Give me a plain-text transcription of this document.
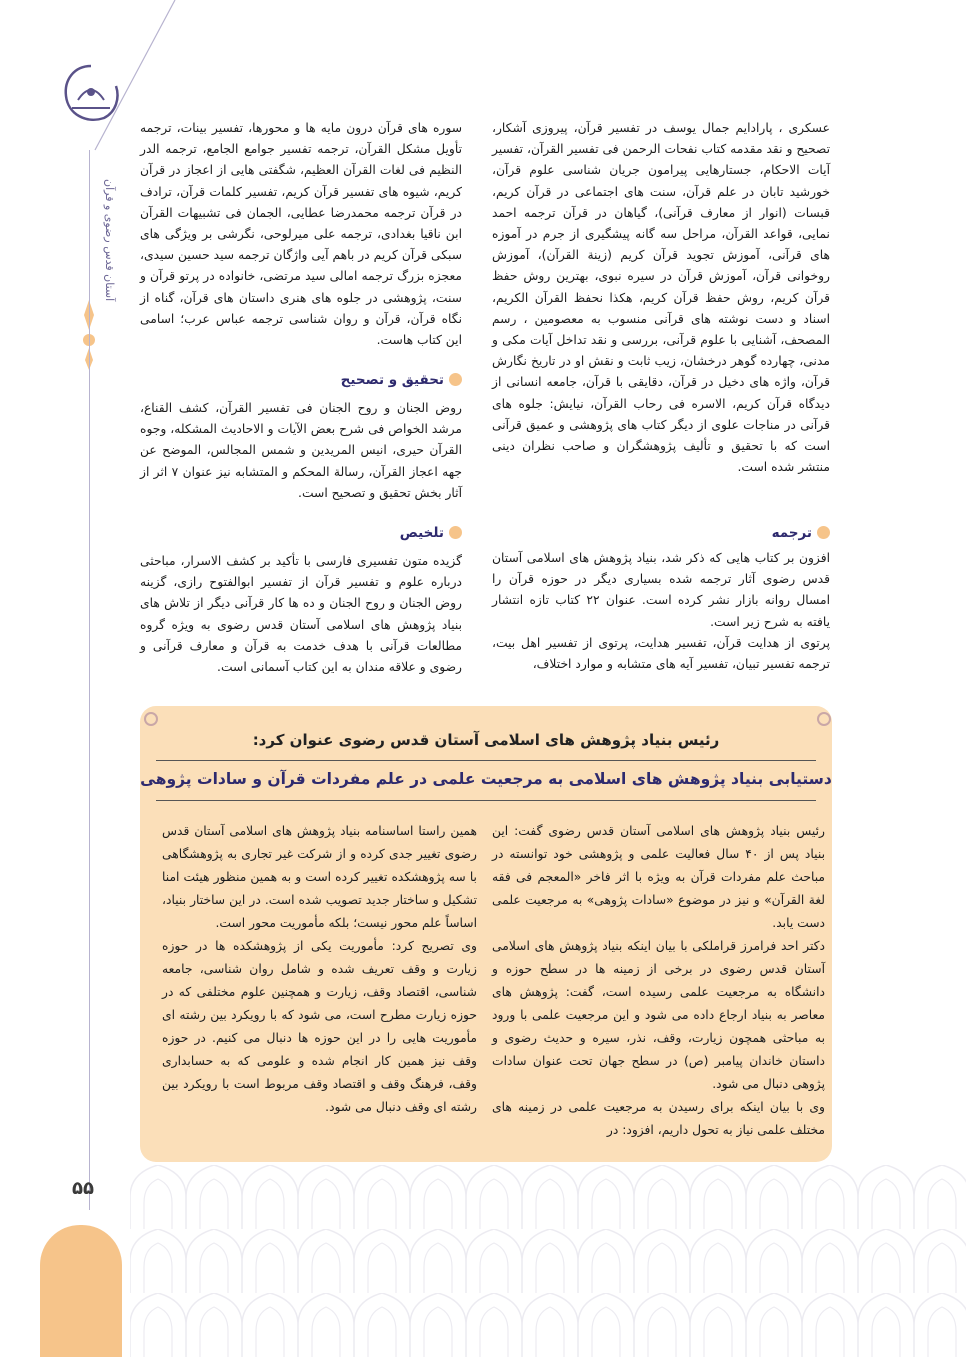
آستان قدس رضوی و قرآن
۵۵

عسکری ، پارادایم جمال یوسف در تفسیر قرآن، پیروزی آشکار، تصحیح و نقد مقدمه کتاب نفحات الرحمن فی تفسیر القرآن، تفسیر آیات الاحکام، جستارهایی پیرامون جریان شناسی علوم قرآن، خورشید تابان در علم قرآن، سنت های اجتماعی در قرآن کریم، قبسات (انوار از معارف قرآنی)، گیاهان در قرآن ترجمه احمد نمایی، قواعد القرآن، مراحل سه گانه پیشگیری از جرم در آموزه های قرآنی، آموزش تجوید قرآن کریم (زینة القرآن)، آموزش روخوانی قرآن، آموزش قرآن در سیره نبوی، بهترین روش حفظ قرآن کریم، روش حفظ قرآن کریم، هکذا نحفظ القرآن الکریم، اسناد و دست نوشته های قرآنی منسوب به معصومین ، رسم المصحف، آشنایی با علوم قرآنی، بررسی و نقد تداخل آیات مکی و مدنی، چهارده گوهر درخشان، زیب ثابت و نقش او در تاریخ نگارش قرآن، واژه های دخیل در قرآن، دقایقی با قرآن، جامعه انسانی از دیدگاه قرآن کریم، الاسره فی رحاب القرآن، نیایش: جلوه های قرآنی در مناجات علوی از دیگر کتاب های پژوهشی و عمیق قرآنی است که با تحقیق و تألیف پژوهشگران و صاحب نظران دینی منتشر شده است.

سوره های قرآن درون مایه ها و محورها، تفسیر بینات، ترجمه تأویل مشکل القرآن، ترجمه تفسیر جوامع الجامع، ترجمه الدر النظیم فی لغات القرآن العظیم، شگفتی هایی از اعجاز در قرآن کریم، شیوه های تفسیر قرآن کریم، تفسیر کلمات قرآن، ترادف در قرآن ترجمه محمدرضا عطایی، الجمان فی تشبیهات القرآن ابن ناقیا بغدادی، ترجمه علی میرلوحی، نگرشی بر ویژگی های سبکی قرآن کریم در باهم آیی واژگان ترجمه سید حسین سیدی، معجزه بزرگ ترجمه امالی سید مرتضی، خانواده در پرتو قرآن و سنت، پژوهشی در جلوه های هنری داستان های قرآن، گناه از نگاه قرآن، قرآن و روان شناسی ترجمه عباس عرب؛ اسامی این کتاب هاست.

تحقیق و تصحیح

روض الجنان و روح الجنان فی تفسیر القرآن، کشف القناع، مرشد الخواص فی شرح بعض الآیات و الاحادیث المشکله، وجوه القرآن حیری، انیس المریدین و شمس المجالس، الموضح عن جهه اعجاز القرآن، رسالة المحکم و المتشابه نیز عنوان ۷ اثر از آثار بخش تحقیق و تصحیح است.

ترجمه

افزون بر کتاب هایی که ذکر شد، بنیاد پژوهش های اسلامی آستان قدس رضوی آثار ترجمه شده بسیاری دیگر در حوزه قرآن را امسال روانه بازار نشر کرده است. عنوان ۲۲ کتاب تازه انتشار یافته به شرح زیر است.

پرتوی از هدایت قرآن، تفسیر هدایت، پرتوی از تفسیر اهل بیت، ترجمه تفسیر تبیان، تفسیر آیه های متشابه و موارد اختلاف،

تلخیص

گزیده متون تفسیری فارسی با تأکید بر کشف الاسرار، مباحثی درباره علوم و تفسیر قرآن از تفسیر ابوالفتوح رازی، گزینه روض الجنان و روح الجنان و ده ها کار قرآنی دیگر از تلاش های بنیاد پژوهش های اسلامی آستان قدس رضوی به ویژه گروه مطالعات قرآنی با هدف خدمت به قرآن و معارف قرآنی و رضوی و علاقه مندان به این کتاب آسمانی است.

رئیس بنیاد پژوهش های اسلامی آستان قدس رضوی عنوان کرد:
دستیابی بنیاد پژوهش های اسلامی به مرجعیت علمی در علم مفردات قرآن و سادات پژوهی

رئیس بنیاد پژوهش های اسلامی آستان قدس رضوی گفت: این بنیاد پس از ۴۰ سال فعالیت علمی و پژوهشی خود توانسته در مباحث علم مفردات قرآن به ویژه با اثر فاخر «المعجم فی فقه لغة القرآن» و نیز در موضوع «سادات پژوهی» به مرجعیت علمی دست یابد.

دکتر احد فرامرز قراملکی با بیان اینکه بنیاد پژوهش های اسلامی آستان قدس رضوی در برخی از زمینه ها در سطح حوزه و دانشگاه به مرجعیت علمی رسیده است، گفت: پژوهش های معاصر به بنیاد ارجاع داده می شود و این مرجعیت علمی با ورود به مباحثی همچون زیارت، وقف، نذر، سیره و حدیث رضوی و داستان خاندان پیامبر (ص) در سطح جهان تحت عنوان سادات پژوهی دنبال می شود.

وی با بیان اینکه برای رسیدن به مرجعیت علمی در زمینه های مختلف علمی نیاز به تحول داریم، افزود: در

همین راستا اساسنامه بنیاد پژوهش های اسلامی آستان قدس رضوی تغییر جدی کرده و از شرکت غیر تجاری به پژوهشگاهی با سه پژوهشکده تغییر کرده است و به همین منظور هیئت امنا تشکیل و ساختار جدید تصویب شده است. در این ساختار بنیاد، اساساً علم محور نیست؛ بلکه مأموریت محور است.

وی تصریح کرد: مأموریت یکی از پژوهشکده ها در حوزه زیارت و وقف تعریف شده و شامل روان شناسی، جامعه شناسی، اقتصاد وقف، زیارت و همچنین علوم مختلفی که در حوزه زیارت مطرح است، می شود که با رویکرد بین رشته ای مأموریت هایی را در این حوزه ها دنبال می کنیم. در حوزه وقف نیز همین کار انجام شده و علومی که به حسابداری وقف، فرهنگ وقف و اقتصاد وقف مربوط است با رویکرد بین رشته ای وقف دنبال می شود.
